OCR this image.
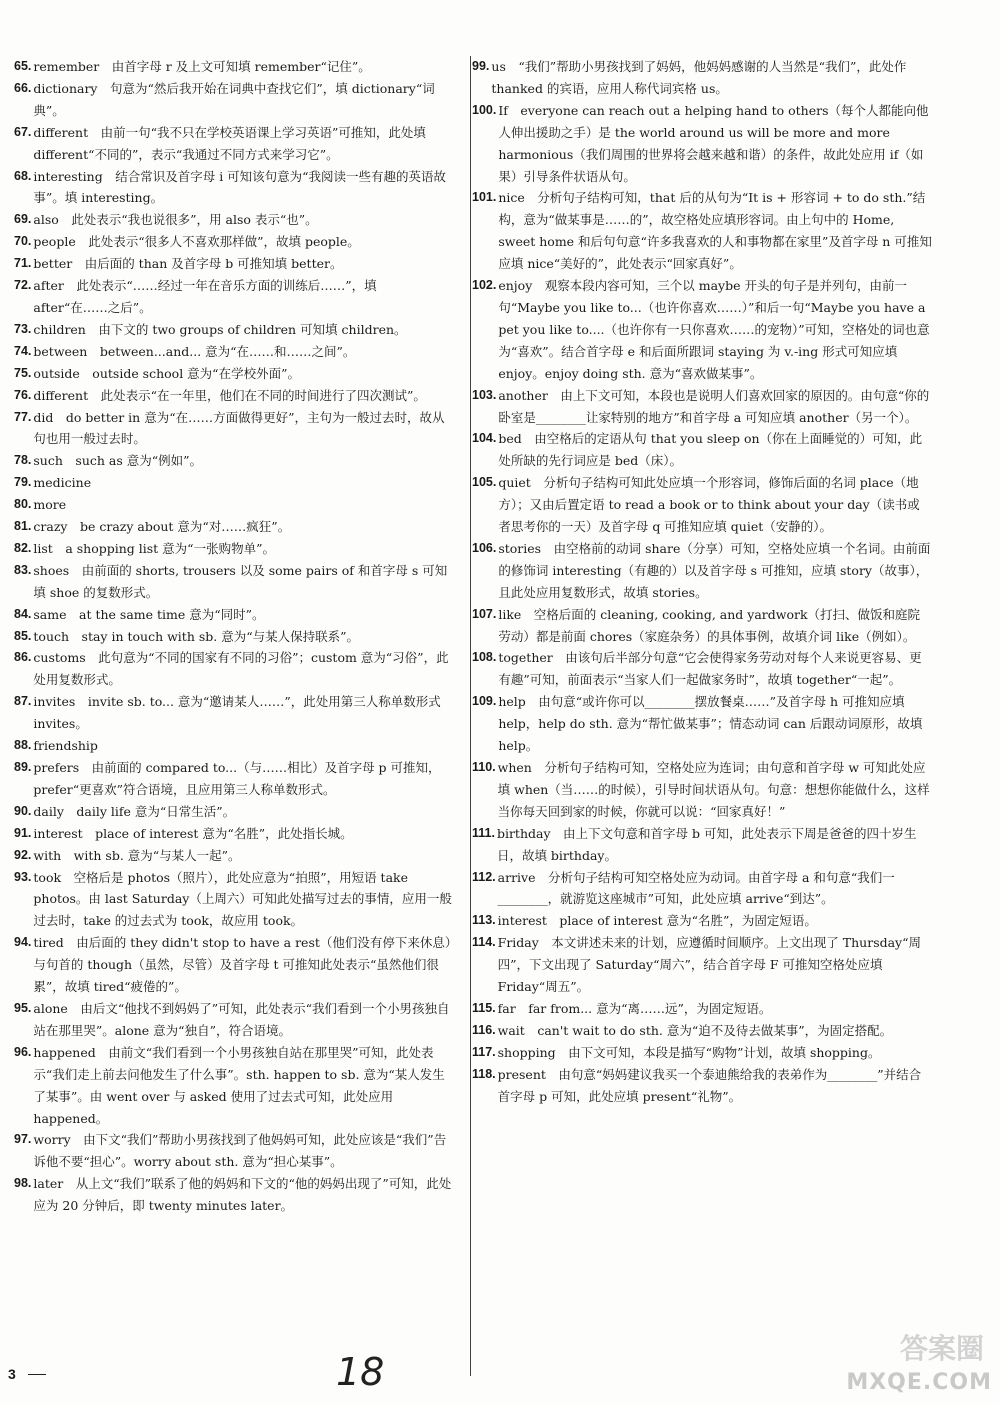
65. remember　由首字母 r 及上文可知填 remember“记住”。
66. dictionary　句意为“然后我开始在词典中查找它们”，填 dictionary“词典”。
67. different　由前一句“我不只在学校英语课上学习英语”可推知，此处填 different“不同的”，表示“我通过不同方式来学习它”。
68. interesting　结合常识及首字母 i 可知该句意为“我阅读一些有趣的英语故事”。填 interesting。
69. also　此处表示“我也说很多”，用 also 表示“也”。
70. people　此处表示“很多人不喜欢那样做”，故填 people。
71. better　由后面的 than 及首字母 b 可推知填 better。
72. after　此处表示“……经过一年在音乐方面的训练后……”，填 after“在……之后”。
73. children　由下文的 two groups of children 可知填 children。
74. between　between...and... 意为“在……和……之间”。
75. outside　outside school 意为“在学校外面”。
76. different　此处表示“在一年里，他们在不同的时间进行了四次测试”。
77. did　do better in 意为“在……方面做得更好”，主句为一般过去时，故从句也用一般过去时。
78. such　such as 意为“例如”。
79. medicine
80. more
81. crazy　be crazy about 意为“对……疯狂”。
82. list　a shopping list 意为“一张购物单”。
83. shoes　由前面的 shorts, trousers 以及 some pairs of 和首字母 s 可知填 shoe 的复数形式。
84. same　at the same time 意为“同时”。
85. touch　stay in touch with sb. 意为“与某人保持联系”。
86. customs　此句意为“不同的国家有不同的习俗”；custom 意为“习俗”，此处用复数形式。
87. invites　invite sb. to... 意为“邀请某人……”，此处用第三人称单数形式 invites。
88. friendship
89. prefers　由前面的 compared to...（与……相比）及首字母 p 可推知，prefer“更喜欢”符合语境，且应用第三人称单数形式。
90. daily　daily life 意为“日常生活”。
91. interest　place of interest 意为“名胜”，此处指长城。
92. with　with sb. 意为“与某人一起”。
93. took　空格后是 photos（照片），此处应意为“拍照”，用短语 take photos。由 last Saturday（上周六）可知此处描写过去的事情，应用一般过去时，take 的过去式为 took，故应用 took。
94. tired　由后面的 they didn't stop to have a rest（他们没有停下来休息）与句首的 though（虽然，尽管）及首字母 t 可推知此处表示“虽然他们很累”，故填 tired“疲倦的”。
95. alone　由后文“他找不到妈妈了”可知，此处表示“我们看到一个小男孩独自站在那里哭”。alone 意为“独自”，符合语境。
96. happened　由前文“我们看到一个小男孩独自站在那里哭”可知，此处表示“我们走上前去问他发生了什么事”。sth. happen to sb. 意为“某人发生了某事”。由 went over 与 asked 使用了过去式可知，此处应用 happened。
97. worry　由下文“我们”帮助小男孩找到了他妈妈可知，此处应该是“我们”告诉他不要“担心”。worry about sth. 意为“担心某事”。
98. later　从上文“我们”联系了他的妈妈和下文的“他的妈妈出现了”可知，此处应为 20 分钟后，即 twenty minutes later。
99. us　“我们”帮助小男孩找到了妈妈，他妈妈感谢的人当然是“我们”，此处作 thanked 的宾语，应用人称代词宾格 us。
100. If　everyone can reach out a helping hand to others（每个人都能向他人伸出援助之手）是 the world around us will be more and more harmonious（我们周围的世界将会越来越和谐）的条件，故此处应用 if（如果）引导条件状语从句。
101. nice　分析句子结构可知，that 后的从句为“It is + 形容词 + to do sth.”结构，意为“做某事是……的”，故空格处应填形容词。由上句中的 Home, sweet home 和后句句意“许多我喜欢的人和事物都在家里”及首字母 n 可推知应填 nice“美好的”，此处表示“回家真好”。
102. enjoy　观察本段内容可知，三个以 maybe 开头的句子是并列句，由前一句“Maybe you like to...（也许你喜欢……）”和后一句“Maybe you have a pet you like to....（也许你有一只你喜欢……的宠物）”可知，空格处的词也意为“喜欢”。结合首字母 e 和后面所跟词 staying 为 v.-ing 形式可知应填 enjoy。enjoy doing sth. 意为“喜欢做某事”。
103. another　由上下文可知，本段也是说明人们喜欢回家的原因的。由句意“你的卧室是________让家特别的地方”和首字母 a 可知应填 another（另一个）。
104. bed　由空格后的定语从句 that you sleep on（你在上面睡觉的）可知，此处所缺的先行词应是 bed（床）。
105. quiet　分析句子结构可知此处应填一个形容词，修饰后面的名词 place（地方）；又由后置定语 to read a book or to think about your day（读书或者思考你的一天）及首字母 q 可推知应填 quiet（安静的）。
106. stories　由空格前的动词 share（分享）可知，空格处应填一个名词。由前面的修饰词 interesting（有趣的）以及首字母 s 可推知，应填 story（故事），且此处应用复数形式，故填 stories。
107. like　空格后面的 cleaning, cooking, and yardwork（打扫、做饭和庭院劳动）都是前面 chores（家庭杂务）的具体事例，故填介词 like（例如）。
108. together　由该句后半部分句意“它会使得家务劳动对每个人来说更容易、更有趣”可知，前面表示“当家人们一起做家务时”，故填 together“一起”。
109. help　由句意“或许你可以________摆放餐桌……”及首字母 h 可推知应填 help，help do sth. 意为“帮忙做某事”；情态动词 can 后跟动词原形，故填 help。
110. when　分析句子结构可知，空格处应为连词；由句意和首字母 w 可知此处应填 when（当……的时候），引导时间状语从句。句意：想想你能做什么，这样当你每天回到家的时候，你就可以说：“回家真好！”
111. birthday　由上下文句意和首字母 b 可知，此处表示下周是爸爸的四十岁生日，故填 birthday。
112. arrive　分析句子结构可知空格处应为动词。由首字母 a 和句意“我们一________，就游览这座城市”可知，此处应填 arrive“到达”。
113. interest　place of interest 意为“名胜”，为固定短语。
114. Friday　本文讲述未来的计划，应遵循时间顺序。上文出现了 Thursday“周四”，下文出现了 Saturday“周六”，结合首字母 F 可推知空格处应填 Friday“周五”。
115. far　far from... 意为“离……远”，为固定短语。
116. wait　can't wait to do sth. 意为“迫不及待去做某事”，为固定搭配。
117. shopping　由下文可知，本段是描写“购物”计划，故填 shopping。
118. present　由句意“妈妈建议我买一个泰迪熊给我的表弟作为________”并结合首字母 p 可知，此处应填 present“礼物”。
3	18
答案圈
MXQE.COM
